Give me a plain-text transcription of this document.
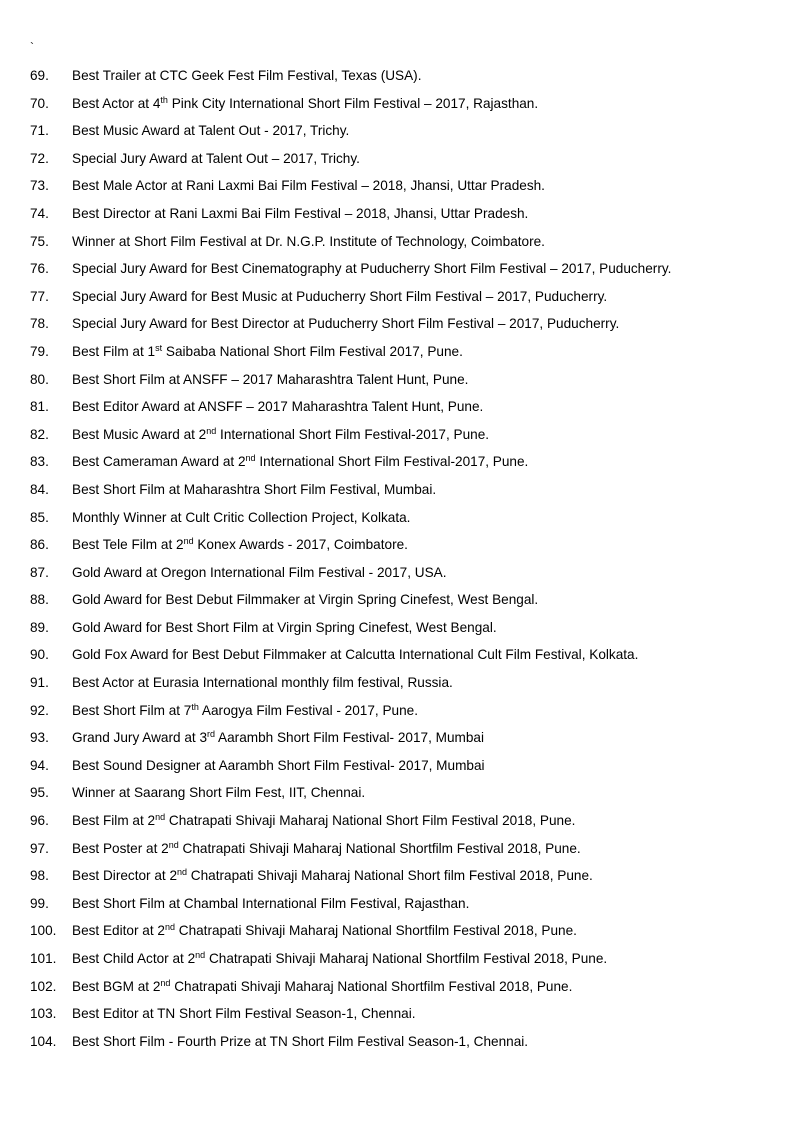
`
69.	Best Trailer at CTC Geek Fest Film Festival, Texas (USA).
70.	Best Actor at 4th Pink City International Short Film Festival – 2017, Rajasthan.
71.	Best Music Award at Talent Out - 2017, Trichy.
72.	Special Jury Award at Talent Out – 2017, Trichy.
73.	Best Male Actor at Rani Laxmi Bai Film Festival – 2018, Jhansi, Uttar Pradesh.
74.	Best Director at Rani Laxmi Bai Film Festival – 2018, Jhansi, Uttar Pradesh.
75.	Winner at Short Film Festival at Dr. N.G.P. Institute of Technology, Coimbatore.
76.	Special Jury Award for Best Cinematography at Puducherry Short Film Festival – 2017, Puducherry.
77.	Special Jury Award for Best Music at Puducherry Short Film Festival – 2017, Puducherry.
78.	Special Jury Award for Best Director at Puducherry Short Film Festival – 2017, Puducherry.
79.	Best Film at 1st Saibaba National Short Film Festival 2017, Pune.
80.	Best Short Film at ANSFF – 2017 Maharashtra Talent Hunt, Pune.
81.	Best Editor Award at ANSFF – 2017 Maharashtra Talent Hunt, Pune.
82.	Best Music Award at 2nd International Short Film Festival-2017, Pune.
83.	Best Cameraman Award at 2nd International Short Film Festival-2017, Pune.
84.	Best Short Film at Maharashtra Short Film Festival, Mumbai.
85.	Monthly Winner at Cult Critic Collection Project, Kolkata.
86.	Best Tele Film at 2nd Konex Awards - 2017, Coimbatore.
87.	Gold Award at Oregon International Film Festival - 2017, USA.
88.	Gold Award for Best Debut Filmmaker at Virgin Spring Cinefest, West Bengal.
89.	Gold Award for Best Short Film at Virgin Spring Cinefest, West Bengal.
90.	Gold Fox Award for Best Debut Filmmaker at Calcutta International Cult Film Festival, Kolkata.
91.	Best Actor at Eurasia International monthly film festival, Russia.
92.	Best Short Film at 7th Aarogya Film Festival - 2017, Pune.
93.	Grand Jury Award at 3rd Aarambh Short Film Festival- 2017, Mumbai
94.	Best Sound Designer at Aarambh Short Film Festival- 2017, Mumbai
95.	Winner at Saarang Short Film Fest, IIT, Chennai.
96.	Best Film at 2nd Chatrapati Shivaji Maharaj National Short Film Festival 2018, Pune.
97.	Best Poster at 2nd Chatrapati Shivaji Maharaj National Shortfilm Festival 2018, Pune.
98.	Best Director at 2nd Chatrapati Shivaji Maharaj National Short film Festival 2018, Pune.
99.	Best Short Film at Chambal International Film Festival, Rajasthan.
100.	Best Editor at 2nd Chatrapati Shivaji Maharaj National Shortfilm Festival 2018, Pune.
101.	Best Child Actor at 2nd Chatrapati Shivaji Maharaj National Shortfilm Festival 2018, Pune.
102.	Best BGM at 2nd Chatrapati Shivaji Maharaj National Shortfilm Festival 2018, Pune.
103.	Best Editor at TN Short Film Festival Season-1, Chennai.
104.	Best Short Film - Fourth Prize at TN Short Film Festival Season-1, Chennai.
